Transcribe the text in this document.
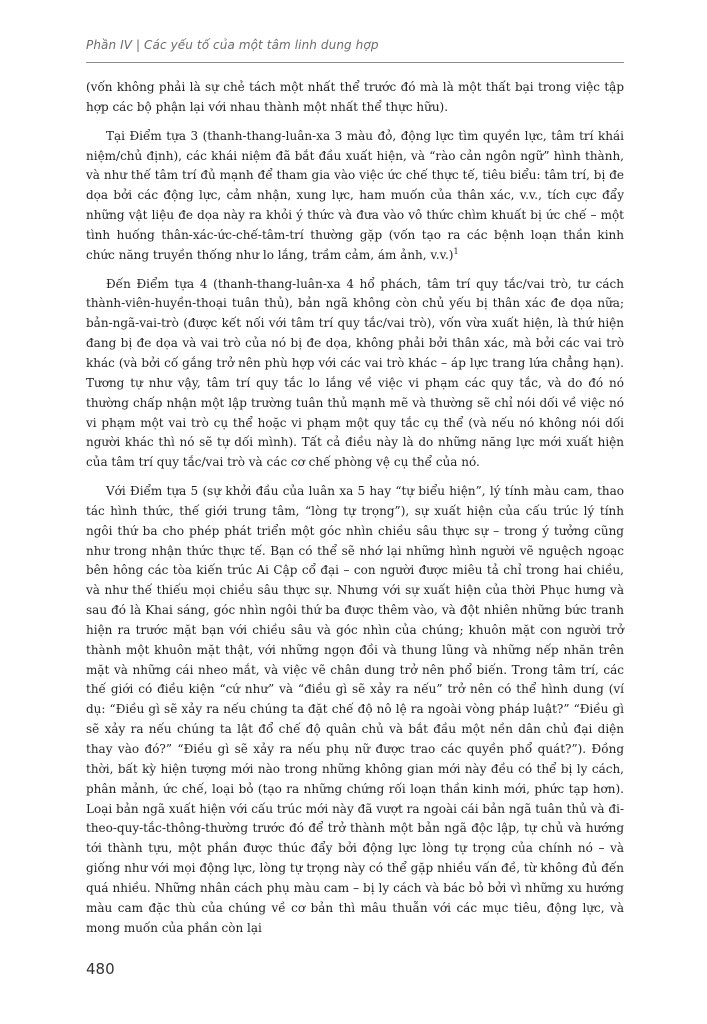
Phần IV | Các yếu tố của một tâm linh dung hợp

(vốn không phải là sự chẻ tách một nhất thể trước đó mà là một thất bại trong việc tập hợp các bộ phận lại với nhau thành một nhất thể thực hữu).

Tại Điểm tựa 3 (thanh-thang-luân-xa 3 màu đỏ, động lực tìm quyền lực, tâm trí khái niệm/chủ định), các khái niệm đã bắt đầu xuất hiện, và “rào cản ngôn ngữ” hình thành, và như thế tâm trí đủ mạnh để tham gia vào việc ức chế thực tế, tiêu biểu: tâm trí, bị đe dọa bởi các động lực, cảm nhận, xung lực, ham muốn của thân xác, v.v., tích cực đẩy những vật liệu đe dọa này ra khỏi ý thức và đưa vào vô thức chìm khuất bị ức chế – một tình huống thân-xác-ức-chế-tâm-trí thường gặp (vốn tạo ra các bệnh loạn thần kinh chức năng truyền thống như lo lắng, trầm cảm, ám ảnh, v.v.)$^1$

Đến Điểm tựa 4 (thanh-thang-luân-xa 4 hổ phách, tâm trí quy tắc/vai trò, tư cách thành-viên-huyền-thoại tuân thủ), bản ngã không còn chủ yếu bị thân xác đe dọa nữa; bản-ngã-vai-trò (được kết nối với tâm trí quy tắc/vai trò), vốn vừa xuất hiện, là thứ hiện đang bị đe dọa và vai trò của nó bị đe dọa, không phải bởi thân xác, mà bởi các vai trò khác (và bởi cố gắng trở nên phù hợp với các vai trò khác – áp lực trang lứa chẳng hạn). Tương tự như vậy, tâm trí quy tắc lo lắng về việc vi phạm các quy tắc, và do đó nó thường chấp nhận một lập trường tuân thủ mạnh mẽ và thường sẽ chỉ nói dối về việc nó vi phạm một vai trò cụ thể hoặc vi phạm một quy tắc cụ thể (và nếu nó không nói dối người khác thì nó sẽ tự dối mình). Tất cả điều này là do những năng lực mới xuất hiện của tâm trí quy tắc/vai trò và các cơ chế phòng vệ cụ thể của nó.

Với Điểm tựa 5 (sự khởi đầu của luân xa 5 hay “tự biểu hiện”, lý tính màu cam, thao tác hình thức, thế giới trung tâm, “lòng tự trọng”), sự xuất hiện của cấu trúc lý tính ngôi thứ ba cho phép phát triển một góc nhìn chiều sâu thực sự – trong ý tưởng cũng như trong nhận thức thực tế. Bạn có thể sẽ nhớ lại những hình người vẽ nguệch ngoạc bên hông các tòa kiến trúc Ai Cập cổ đại – con người được miêu tả chỉ trong hai chiều, và như thế thiếu mọi chiều sâu thực sự. Nhưng với sự xuất hiện của thời Phục hưng và sau đó là Khai sáng, góc nhìn ngôi thứ ba được thêm vào, và đột nhiên những bức tranh hiện ra trước mặt bạn với chiều sâu và góc nhìn của chúng; khuôn mặt con người trở thành một khuôn mặt thật, với những ngọn đồi và thung lũng và những nếp nhăn trên mặt và những cái nheo mắt, và việc vẽ chân dung trở nên phổ biến. Trong tâm trí, các thế giới có điều kiện “cứ như” và “điều gì sẽ xảy ra nếu” trở nên có thể hình dung (ví dụ: “Điều gì sẽ xảy ra nếu chúng ta đặt chế độ nô lệ ra ngoài vòng pháp luật?” “Điều gì sẽ xảy ra nếu chúng ta lật đổ chế độ quân chủ và bắt đầu một nền dân chủ đại diện thay vào đó?” “Điều gì sẽ xảy ra nếu phụ nữ được trao các quyền phổ quát?”). Đồng thời, bất kỳ hiện tượng mới nào trong những không gian mới này đều có thể bị ly cách, phân mảnh, ức chế, loại bỏ (tạo ra những chứng rối loạn thần kinh mới, phức tạp hơn). Loại bản ngã xuất hiện với cấu trúc mới này đã vượt ra ngoài cái bản ngã tuân thủ và đi-theo-quy-tắc-thông-thường trước đó để trở thành một bản ngã độc lập, tự chủ và hướng tới thành tựu, một phần được thúc đẩy bởi động lực lòng tự trọng của chính nó – và giống như với mọi động lực, lòng tự trọng này có thể gặp nhiều vấn đề, từ không đủ đến quá nhiều. Những nhân cách phụ màu cam – bị ly cách và bác bỏ bởi vì những xu hướng màu cam đặc thù của chúng về cơ bản thì mâu thuẫn với các mục tiêu, động lực, và mong muốn của phần còn lại

480
